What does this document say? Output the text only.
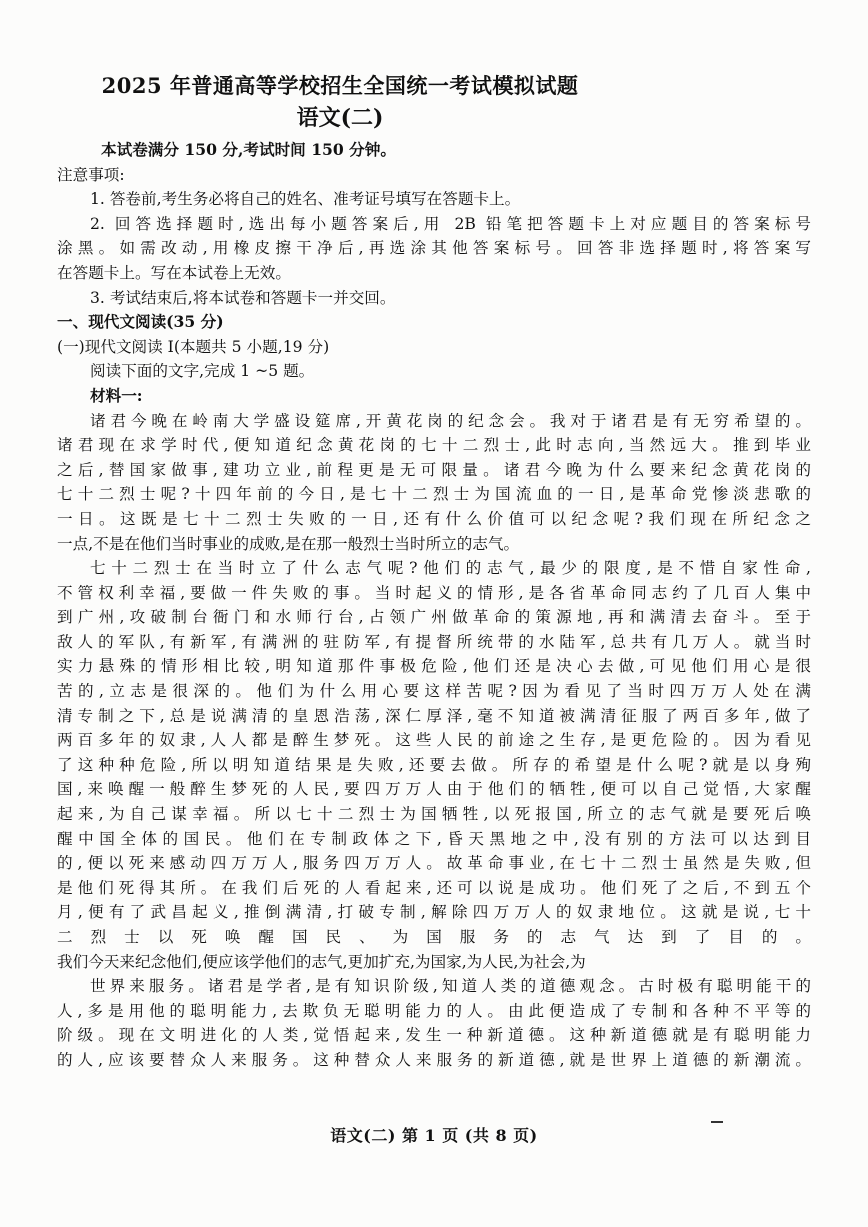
2025 年普通高等学校招生全国统一考试模拟试题
语文(二)
本试卷满分 150 分,考试时间 150 分钟。
注意事项:
1. 答卷前,考生务必将自己的姓名、准考证号填写在答题卡上。
2. 回答选择题时,选出每小题答案后,用 2B 铅笔把答题卡上对应题目的答案标号
涂黑。如需改动,用橡皮擦干净后,再选涂其他答案标号。回答非选择题时,将答案写
在答题卡上。写在本试卷上无效。
3. 考试结束后,将本试卷和答题卡一并交回。
一、现代文阅读(35 分)
(一)现代文阅读 I(本题共 5 小题,19 分)
阅读下面的文字,完成 1 ~5 题。
材料一:
诸君今晚在岭南大学盛设筵席,开黄花岗的纪念会。我对于诸君是有无穷希望的。
诸君现在求学时代,便知道纪念黄花岗的七十二烈士,此时志向,当然远大。推到毕业
之后,替国家做事,建功立业,前程更是无可限量。诸君今晚为什么要来纪念黄花岗的
七十二烈士呢?十四年前的今日,是七十二烈士为国流血的一日,是革命党惨淡悲歌的
一日。这既是七十二烈士失败的一日,还有什么价值可以纪念呢?我们现在所纪念之
一点,不是在他们当时事业的成败,是在那一般烈士当时所立的志气。
七十二烈士在当时立了什么志气呢?他们的志气,最少的限度,是不惜自家性命,
不管权利幸福,要做一件失败的事。当时起义的情形,是各省革命同志约了几百人集中
到广州,攻破制台衙门和水师行台,占领广州做革命的策源地,再和满清去奋斗。至于
敌人的军队,有新军,有满洲的驻防军,有提督所统带的水陆军,总共有几万人。就当时
实力悬殊的情形相比较,明知道那件事极危险,他们还是决心去做,可见他们用心是很
苦的,立志是很深的。他们为什么用心要这样苦呢?因为看见了当时四万万人处在满
清专制之下,总是说满清的皇恩浩荡,深仁厚泽,毫不知道被满清征服了两百多年,做了
两百多年的奴隶,人人都是醉生梦死。这些人民的前途之生存,是更危险的。因为看见
了这种种危险,所以明知道结果是失败,还要去做。所存的希望是什么呢?就是以身殉
国,来唤醒一般醉生梦死的人民,要四万万人由于他们的牺牲,便可以自己觉悟,大家醒
起来,为自己谋幸福。所以七十二烈士为国牺牲,以死报国,所立的志气就是要死后唤
醒中国全体的国民。他们在专制政体之下,昏天黑地之中,没有别的方法可以达到目
的,便以死来感动四万万人,服务四万万人。故革命事业,在七十二烈士虽然是失败,但
是他们死得其所。在我们后死的人看起来,还可以说是成功。他们死了之后,不到五个
月,便有了武昌起义,推倒满清,打破专制,解除四万万人的奴隶地位。这就是说,七十
二烈士以死唤醒国民、为国服务的志气达到了目的。
我们今天来纪念他们,便应该学他们的志气,更加扩充,为国家,为人民,为社会,为
世界来服务。诸君是学者,是有知识阶级,知道人类的道德观念。古时极有聪明能干的
人,多是用他的聪明能力,去欺负无聪明能力的人。由此便造成了专制和各种不平等的
阶级。现在文明进化的人类,觉悟起来,发生一种新道德。这种新道德就是有聪明能力
的人,应该要替众人来服务。这种替众人来服务的新道德,就是世界上道德的新潮流。
语文(二) 第 1 页 (共 8 页)
